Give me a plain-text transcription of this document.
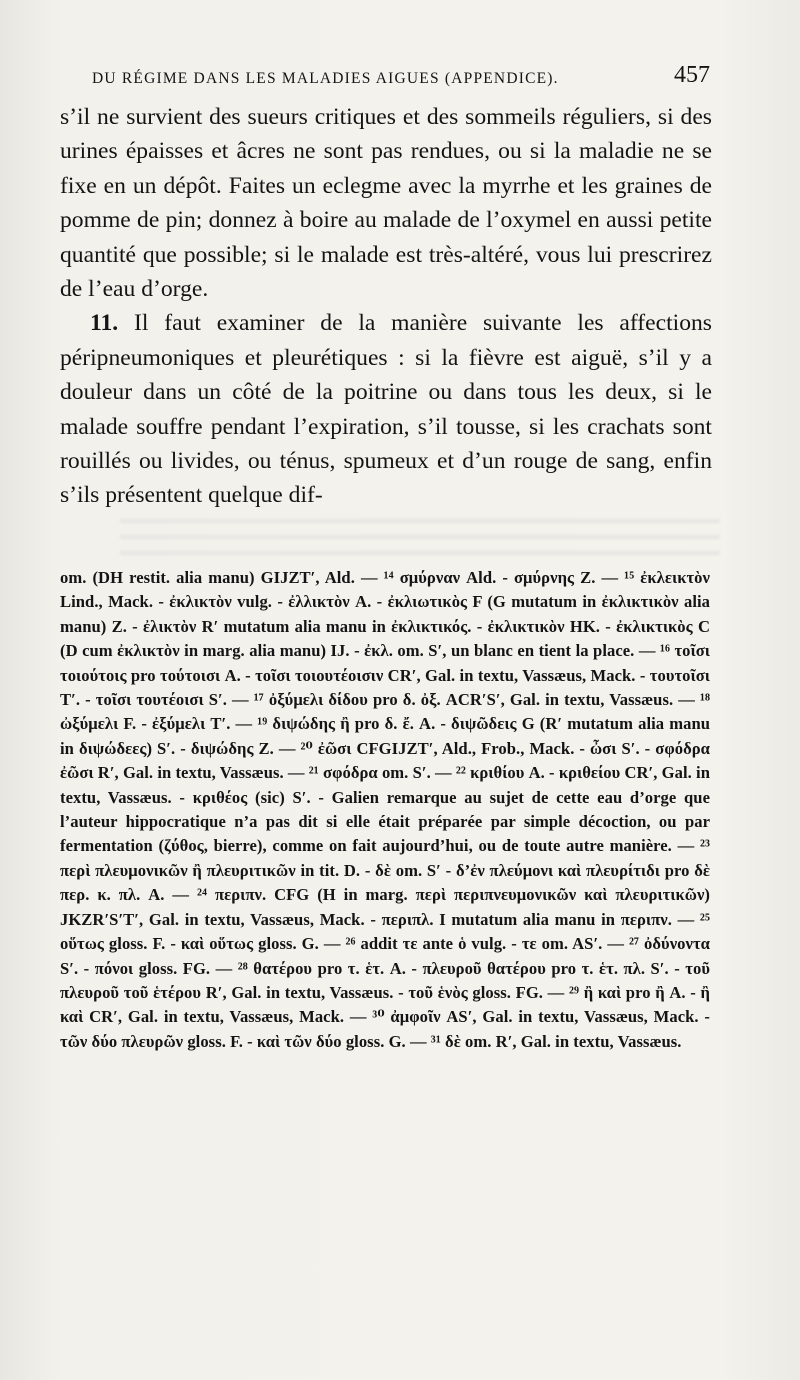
DU RÉGIME DANS LES MALADIES AIGUES (APPENDICE).	457

s’il ne survient des sueurs critiques et des sommeils réguliers, si des urines épaisses et âcres ne sont pas rendues, ou si la maladie ne se fixe en un dépôt. Faites un eclegme avec la myrrhe et les graines de pomme de pin; donnez à boire au malade de l’oxymel en aussi petite quantité que possible; si le malade est très-altéré, vous lui prescrirez de l’eau d’orge.

11. Il faut examiner de la manière suivante les affections péripneumoniques et pleurétiques : si la fièvre est aiguë, s’il y a douleur dans un côté de la poitrine ou dans tous les deux, si le malade souffre pendant l’expiration, s’il tousse, si les crachats sont rouillés ou livides, ou ténus, spumeux et d’un rouge de sang, enfin s’ils présentent quelque dif-

om. (DH restit. alia manu) GIJZT′, Ald. — ¹⁴ σμύρναν Ald. - σμύρνης Z. — ¹⁵ ἐκλεικτὸν Lind., Mack. - ἐκλικτὸν vulg. - ἐλλικτὸν A. - ἐκλιωτικὸς F (G mutatum in ἐκλικτικὸν alia manu) Z. - ἐλικτὸν R′ mutatum alia manu in ἐκλικτικός. - ἐκλικτικὸν HK. - ἐκλικτικὸς C (D cum ἐκλικτὸν in marg. alia manu) IJ. - ἐκλ. om. S′, un blanc en tient la place. — ¹⁶ τοῖσι τοιούτοις pro τούτοισι A. - τοῖσι τοιουτέοισιν CR′, Gal. in textu, Vassæus, Mack. - τουτοῖσι T′. - τοῖσι τουτέοισι S′. — ¹⁷ ὀξύμελι δίδου pro δ. ὀξ. ACR′S′, Gal. in textu, Vassæus. — ¹⁸ ὠξύμελι F. - ἐξύμελι T′. — ¹⁹ διψώδης ἢ pro δ. ἔ. A. - διψῶδεις G (R′ mutatum alia manu in διψώδεες) S′. - διψώδης Z. — ²⁰ ἐῶσι CFGIJZT′, Ald., Frob., Mack. - ὦσι S′. - σφόδρα ἐῶσι R′, Gal. in textu, Vassæus. — ²¹ σφόδρα om. S′. — ²² κριθίου A. - κριθείου CR′, Gal. in textu, Vassæus. - κριθέος (sic) S′. - Galien remarque au sujet de cette eau d’orge que l’auteur hippocratique n’a pas dit si elle était préparée par simple décoction, ou par fermentation (ζύθος, bierre), comme on fait aujourd’hui, ou de toute autre manière. — ²³ περὶ πλευμονικῶν ἢ πλευριτικῶν in tit. D. - δὲ om. S′ - δ’ἐν πλεύμονι καὶ πλευρίτιδι pro δὲ περ. κ. πλ. A. — ²⁴ περιπν. CFG (H in marg. περὶ περιπνευμονικῶν καὶ πλευριτικῶν) JKZR′S′T′, Gal. in textu, Vassæus, Mack. - περιπλ. I mutatum alia manu in περιπν. — ²⁵ οὕτως gloss. F. - καὶ οὕτως gloss. G. — ²⁶ addit τε ante ὁ vulg. - τε om. AS′. — ²⁷ ὀδύνοντα S′. - πόνοι gloss. FG. — ²⁸ θατέρου pro τ. ἑτ. A. - πλευροῦ θατέρου pro τ. ἑτ. πλ. S′. - τοῦ πλευροῦ τοῦ ἑτέρου R′, Gal. in textu, Vassæus. - τοῦ ἑνὸς gloss. FG. — ²⁹ ἢ καὶ pro ἢ A. - ἢ καὶ CR′, Gal. in textu, Vassæus, Mack. — ³⁰ ἀμφοῖν AS′, Gal. in textu, Vassæus, Mack. - τῶν δύο πλευρῶν gloss. F. - καὶ τῶν δύο gloss. G. — ³¹ δὲ om. R′, Gal. in textu, Vassæus.
